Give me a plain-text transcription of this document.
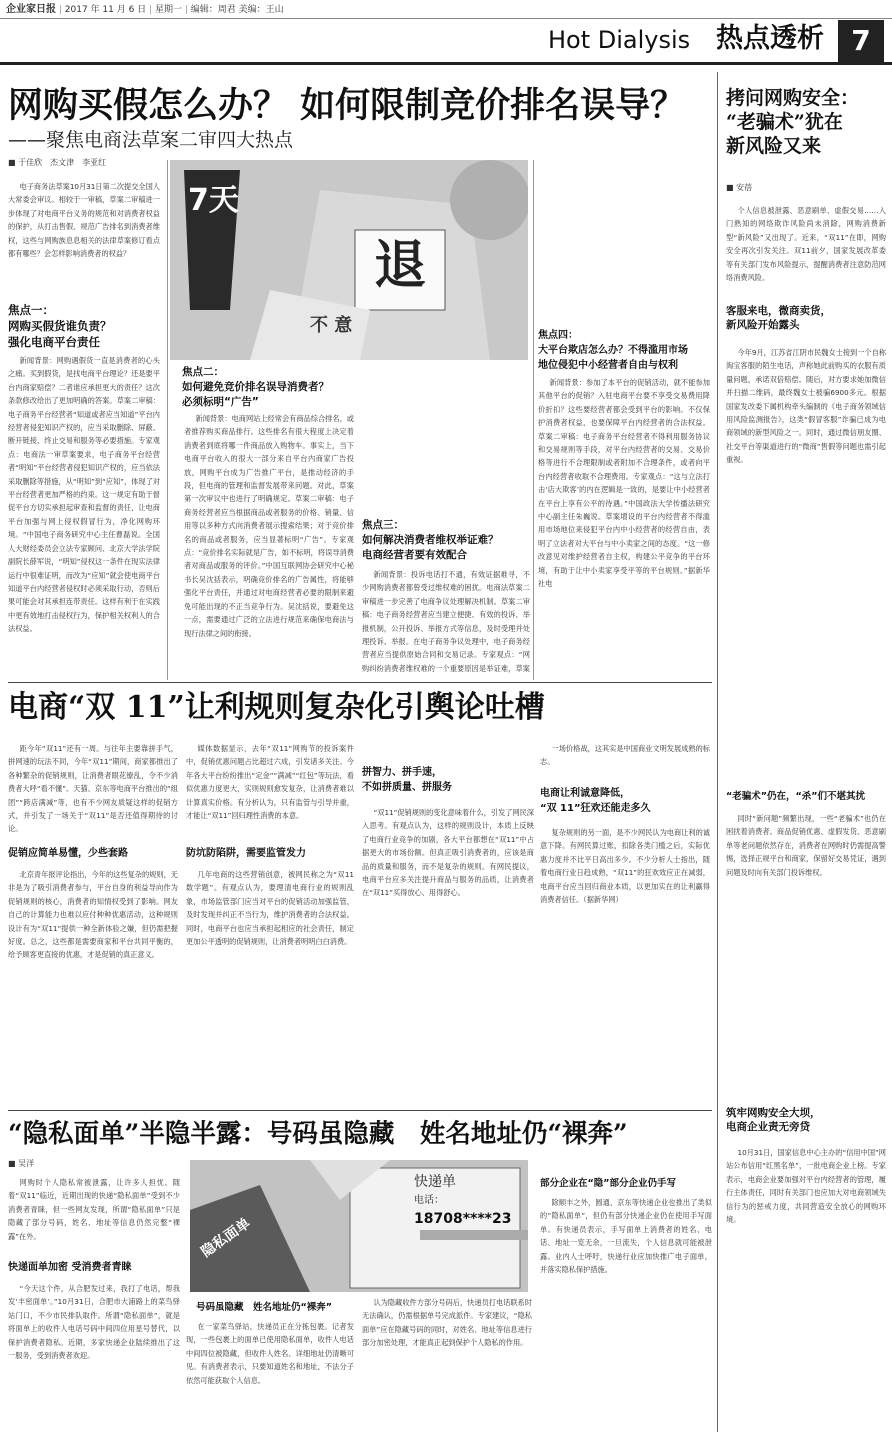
企业家日报 | 2017 年 11 月 6 日 | 星期一 | 编辑：周君 美编：王山
Hot Dialysis 热点透析 7
网购买假怎么办？ 如何限制竞价排名误导？
——聚焦电商法草案二审四大热点
■ 于佳欣　杰文津　李亚红
电子商务法草案10月31日第二次提交全国人大常委会审议。相较于一审稿，草案二审稿进一步体现了对电商平台义务的规范和对消费者权益的保护，从打击售假、规范广告排名到消费者维权，这些与网购族息息相关的法律草案修订看点都有哪些？会怎样影响消费者的权益？
焦点一：
网购买假货谁负责？
强化电商平台责任
新闻背景：网购遇假货一直是消费者的心头之痛。买到假货，是找电商平台理论？还是要平台内商家赔偿？二者谁应承担更大的责任？这次条款修改给出了更加明确的答案。草案二审稿：电子商务平台经营者“知道或者应当知道”平台内经营者侵犯知识产权的，应当采取删除、屏蔽、断开链接、终止交易和服务等必要措施。专家观点：电商法一审草案要求，电子商务平台经营者“明知”平台经营者侵犯知识产权的，应当依法采取删除等措施，从“明知”到“应知”，体现了对平台经营者更加严格的约束。这一规定有助于督促平台方切实承担起审查和监督的责任，让电商平台加强与网上侵权假冒行为，净化网购环境。“中国电子商务研究中心主任曹磊说。全国人大财经委员会立法专家顾问、北京大学法学院副院长薛军说，“明知”侵权这一条件在现实法律运行中很难证明，而改为“应知”就会使电商平台知道平台内经营者侵权时必须采取行动，否则后果可能会对其承担连带责任。这样有利于在实践中更有效地打击侵权行为，保护相关权利人的合法权益。
7天
退
不 意
焦点二：
如何避免竞价排名误导消费者？
必须标明“广告”
新闻背景：电商网站上经常会有商品综合排名，或者推荐购买商品排行。这些排名有很大程度上决定着消费者到底将哪一件商品放入购物车。事实上，当下电商平台收入的很大一部分来自平台内商家广告投放，网购平台成为广告推广平台，是推动经济的手段，但电商的管理和监督发展带来问题。对此，草案第一次审议中也进行了明确规定。草案二审稿：电子商务经营者应当根据商品或者服务的价格、销量、信用等以多种方式向消费者展示搜索结果；对于竞价排名的商品或者服务，应当显著标明“广告”。专家观点：“竞价排名实际就是广告，如不标明，将误导消费者对商品或服务的评价。”中国互联网协会研究中心秘书长吴沈括表示，明确竞价排名的广告属性，将能够强化平台责任，并通过对电商经营者必要的限制来避免可能出现的不正当竞争行为。吴沈括说，要避免这一点，需要通过广泛的立法进行规范来确保电商法与现行法律之间的衔接。
焦点三：
如何解决消费者维权举证难？
电商经营者要有效配合
新闻背景：投诉电话打不通，有效证据难寻，不少网购消费者都曾受过维权难的困扰。电商法草案二审稿进一步完善了电商争议处理解决机制。草案二审稿：电子商务经营者应当建立便捷、有效的投诉、举报机制，公开投诉、举报方式等信息，及时受理并处理投诉、举报。在电子商务争议处理中，电子商务经营者应当提供原始合同和交易记录。专家观点：“网购纠纷消费者维权难的一个重要原因是举证难，草案
焦点四：
大平台欺店怎么办？不得滥用市场
地位侵犯中小经营者自由与权利
新闻背景：参加了本平台的促销活动，就不能参加其他平台的促销？入驻电商平台要不享受交易费用降价折扣？这些要经营者都会受到平台的影响。不仅保护消费者权益，也要保障平台内经营者的合法权益。草案二审稿：电子商务平台经营者不得利用服务协议和交易规则等手段，对平台内经营者的交易、交易价格等进行不合理限制或者附加不合理条件，或者向平台内经营者收取不合理费用。专家观点：“这与立法打击‘店大欺客’的内在逻辑是一致的，是要让中小经营者在平台上享有公平的待遇。”中国政法大学传播法研究中心副主任朱巍说。草案增设的平台内经营者不得滥用市场地位来侵犯平台内中小经营者的经营自由，表明了立法者对大平台与中小卖家之间的态度。“这一修改意见对维护经营者自主权，构建公平竞争的平台环境，有助于让中小卖家享受平等的平台规则。”据新华社电
拷问网购安全：
“老骗术”犹在
新风险又来
■ 安蓓
个人信息被泄露、恶意刷单、虚假交易……入门熟知的网络欺诈风险尚未消除，网购消费新型“新风险”又出现了。近来，“双11”在即，网购安全再次引发关注。双11前夕，国家发展改革委等有关部门发布风险提示，提醒消费者注意防范网络消费风险。
客服来电，微商卖货，
新风险开始露头
今年9月，江苏省江阴市民魏女士接到一个自称淘宝客服的陌生电话，声称她此前购买的衣服有质量问题，承诺双倍赔偿。随后，对方要求她加微信并扫描二维码，最终魏女士被骗6900多元。根据国家发改委下属机构牵头编制的《电子商务领域信用风险监测报告》，这类“假冒客服”诈骗已成为电商领域的新型风险之一。同时，通过微信朋友圈、社交平台等渠道进行的“微商”售假等问题也需引起重视。
“老骗术”仍在，“杀”们不堪其扰
同时“新问题”频繁出现，一些“老骗术”也仍在困扰着消费者。商品促销优惠、虚假发货、恶意刷单等老问题依然存在，消费者在网购时仍需提高警惕，选择正规平台和商家，保留好交易凭证，遇到问题及时向有关部门投诉维权。
筑牢网购安全大坝，
电商企业责无旁贷
10月31日，国家信息中心主办的“信用中国”网站公布信用“红黑名单”，一批电商企业上榜。专家表示，电商企业要加强对平台内经营者的管理，履行主体责任，同时有关部门也应加大对电商领域失信行为的惩戒力度，共同营造安全放心的网购环境。
电商“双 11”让利规则复杂化引舆论吐槽
距今年“双11”还有一周。与往年主要靠拼手气，拼网速的玩法不同，今年“双11”期间，商家都推出了各种繁杂的促销规则，让消费者眼花缭乱，令不少消费者大呼“看不懂”。天猫、京东等电商平台推出的“组团”“跨店满减”等，也有不少网友质疑这样的促销方式，并引发了一场关于“双11”是否还值得期待的讨论。
促销应简单易懂，少些套路
北京青年报评论指出，今年的这些复杂的规则，无非是为了吸引消费者参与，平台自身的利益导向作为促销规则的核心，消费者的知情权受到了影响。网友自己的计算能力也难以应付种种优惠活动，这种规则设计有为“双11”提供一种全新体验之嫌，但仍需把握好度。总之，这些都是需要商家和平台共同平衡的，给予顾客更直接的优惠，才是促销的真正意义。
媒体数据显示，去年“双11”网购节的投诉案件中，促销优惠问题占比超过六成，引发诸多关注。今年各大平台纷纷推出“定金”“满减”“红包”等玩法，看似优惠力度更大，实则规则愈发复杂，让消费者难以计算真实价格。有分析认为，只有监管与引导并重，才能让“双11”回归理性消费的本意。
防坑防陷阱，需要监管发力
几年电商的这些营销创意，被网民称之为“双11数学题”。有观点认为，要理清电商行业的规则乱象，市场监管部门应当对平台的促销活动加强监管，及时发现并纠正不当行为，维护消费者的合法权益。同时，电商平台也应当承担起相应的社会责任，制定更加公平透明的促销规则，让消费者明明白白消费。
拼智力、拼手速，
不如拼质量、拼服务
“双11”促销规则的变化意味着什么，引发了网民深入思考。有观点认为，这样的规则设计，本质上反映了电商行业竞争的加剧，各大平台都想在“双11”中占据更大的市场份额。但真正吸引消费者的，应该是商品的质量和服务，而不是复杂的规则。有网民提议，电商平台应多关注提升商品与服务的品质，让消费者在“双11”买得放心、用得舒心。
一场价格战，这其实是中国商业文明发展成熟的标志。
电商让利诚意降低，
“双 11”狂欢还能走多久
复杂规则的另一面，是不少网民认为电商让利的诚意下降。有网民算过账，扣除各类门槛之后，实际优惠力度并不比平日高出多少。不少分析人士指出，随着电商行业日趋成熟，“双11”的狂欢效应正在减弱，电商平台应当回归商业本质，以更加实在的让利赢得消费者信任。（据新华网）
“隐私面单”半隐半露：号码虽隐藏　姓名地址仍“裸奔”
■ 吴洋
网购时个人隐私常被泄露，让许多人担忧。随着“双11”临近，近期出现的快递“隐私面单”受到不少消费者青睐，但一些网友发现，所谓“隐私面单”只是隐藏了部分号码，姓名、地址等信息仍然完整“裸露”在外。
快递面单加密 受消费者青睐
“今天这个件，从合肥发过来，我打了电话，帮我发‘丰密面单’。”10月31日，合肥市大浦路上的菜鸟驿站门口，不少市民排队取件。所谓“隐私面单”，就是将面单上的收件人电话号码中间四位用星号替代，以保护消费者隐私。近期，多家快递企业陆续推出了这一服务，受到消费者欢迎。
隐私面单
快递单
电话：
18708****23
号码虽隐藏　姓名地址仍“裸奔”
在一家菜鸟驿站，快递员正在分拣包裹。记者发现，一些包裹上的面单已使用隐私面单，收件人电话中间四位被隐藏，但收件人姓名、详细地址仍清晰可见。有消费者表示，只要知道姓名和地址，不法分子依然可能获取个人信息。
认为隐藏收件方部分号码后，快递员打电话联系时无法确认，仍需根据单号完成派件。专家建议，“隐私面单”应在隐藏号码的同时，对姓名、地址等信息进行部分加密处理，才能真正起到保护个人隐私的作用。
部分企业在“隐”部分企业仍手写
除顺丰之外，圆通、京东等快递企业也推出了类似的“隐私面单”，但仍有部分快递企业仍在使用手写面单。有快递员表示，手写面单上消费者的姓名、电话、地址一览无余，一旦流失，个人信息就可能被泄露。业内人士呼吁，快递行业应加快推广电子面单，并落实隐私保护措施。
